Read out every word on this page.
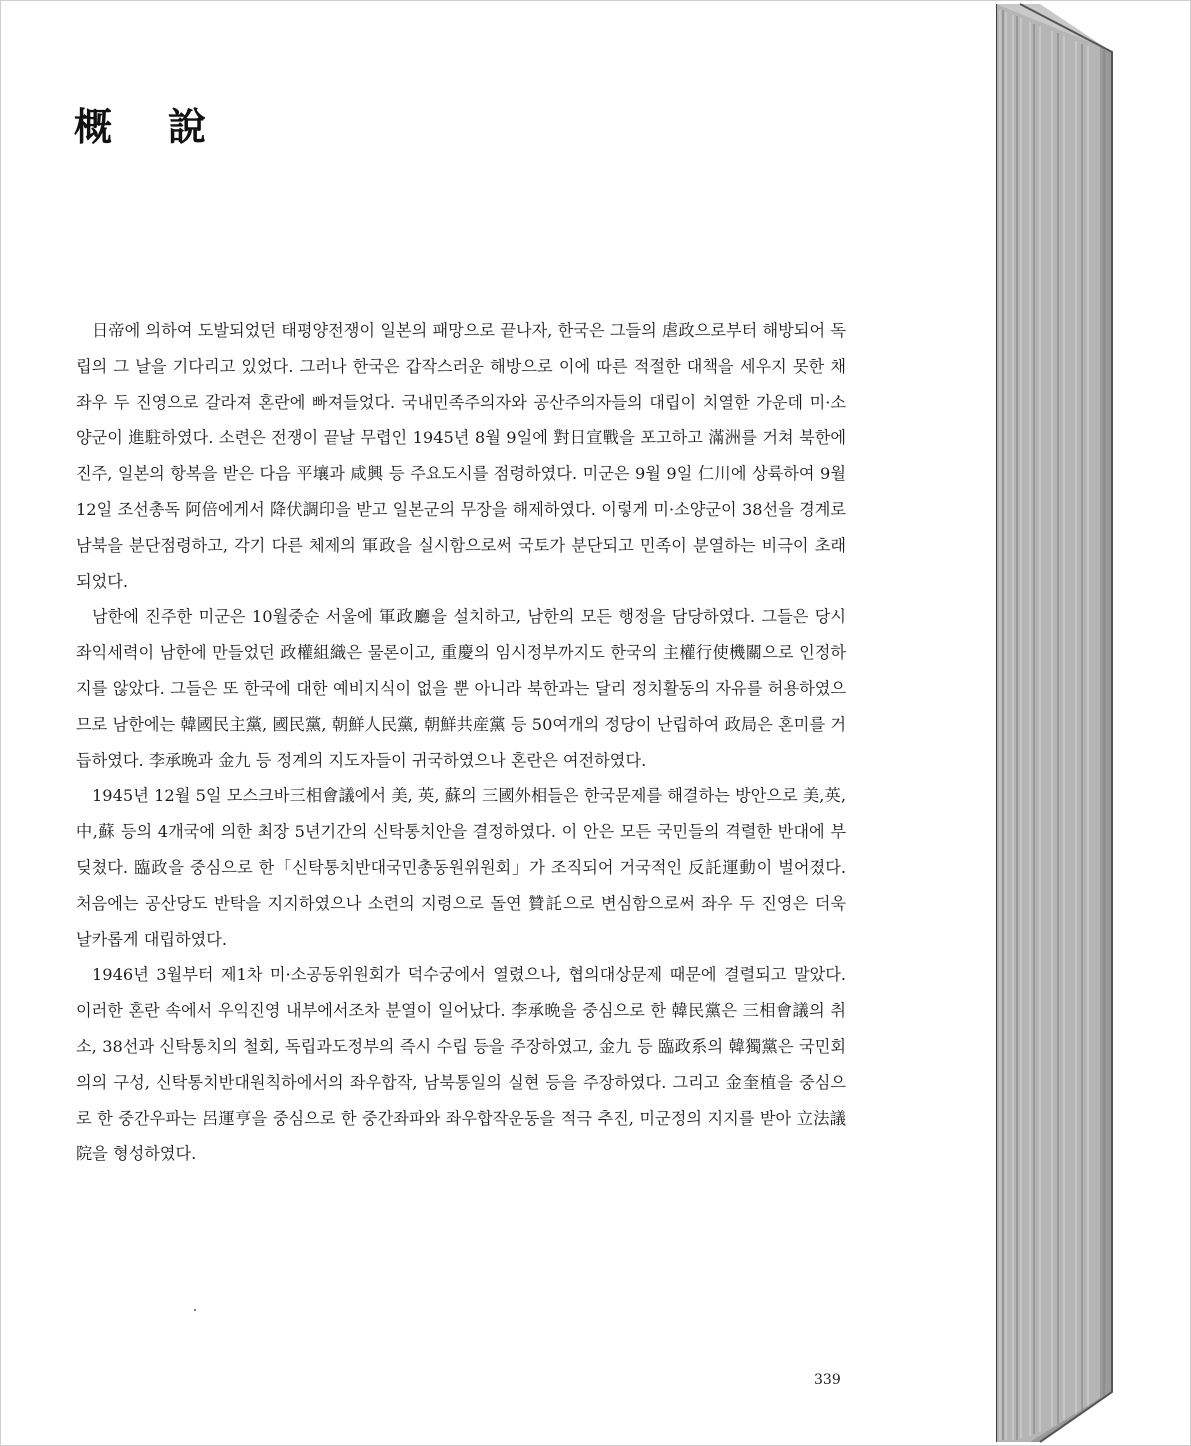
概 說

日帝에 의하여 도발되었던 태평양전쟁이 일본의 패망으로 끝나자, 한국은 그들의 虐政으로부터 해방되어 독립의 그 날을 기다리고 있었다. 그러나 한국은 갑작스러운 해방으로 이에 따른 적절한 대책을 세우지 못한 채 좌우 두 진영으로 갈라져 혼란에 빠져들었다. 국내민족주의자와 공산주의자들의 대립이 치열한 가운데 미·소양군이 進駐하였다. 소련은 전쟁이 끝날 무렵인 1945년 8월 9일에 對日宣戰을 포고하고 滿洲를 거쳐 북한에 진주, 일본의 항복을 받은 다음 平壤과 咸興 등 주요도시를 점령하였다. 미군은 9월 9일 仁川에 상륙하여 9월 12일 조선총독 阿倍에게서 降伏調印을 받고 일본군의 무장을 해제하였다. 이렇게 미·소양군이 38선을 경계로 남북을 분단점령하고, 각기 다른 체제의 軍政을 실시함으로써 국토가 분단되고 민족이 분열하는 비극이 초래되었다.

남한에 진주한 미군은 10월중순 서울에 軍政廳을 설치하고, 남한의 모든 행정을 담당하였다. 그들은 당시 좌익세력이 남한에 만들었던 政權組織은 물론이고, 重慶의 임시정부까지도 한국의 主權行使機關으로 인정하지를 않았다. 그들은 또 한국에 대한 예비지식이 없을 뿐 아니라 북한과는 달리 정치활동의 자유를 허용하였으므로 남한에는 韓國民主黨, 國民黨, 朝鮮人民黨, 朝鮮共産黨 등 50여개의 정당이 난립하여 政局은 혼미를 거듭하였다. 李承晩과 金九 등 정계의 지도자들이 귀국하였으나 혼란은 여전하였다.

1945년 12월 5일 모스크바三相會議에서 美, 英, 蘇의 三國外相들은 한국문제를 해결하는 방안으로 美,英,中,蘇 등의 4개국에 의한 최장 5년기간의 신탁통치안을 결정하였다. 이 안은 모든 국민들의 격렬한 반대에 부딪쳤다. 臨政을 중심으로 한「신탁통치반대국민총동원위원회」가 조직되어 거국적인 反託運動이 벌어졌다. 처음에는 공산당도 반탁을 지지하였으나 소련의 지령으로 돌연 贊託으로 변심함으로써 좌우 두 진영은 더욱 날카롭게 대립하였다.

1946년 3월부터 제1차 미·소공동위원회가 덕수궁에서 열렸으나, 협의대상문제 때문에 결렬되고 말았다. 이러한 혼란 속에서 우익진영 내부에서조차 분열이 일어났다. 李承晩을 중심으로 한 韓民黨은 三相會議의 취소, 38선과 신탁통치의 철회, 독립과도정부의 즉시 수립 등을 주장하였고, 金九 등 臨政系의 韓獨黨은 국민회의의 구성, 신탁통치반대원칙하에서의 좌우합작, 남북통일의 실현 등을 주장하였다. 그리고 金奎植을 중심으로 한 중간우파는 呂運亨을 중심으로 한 중간좌파와 좌우합작운동을 적극 추진, 미군정의 지지를 받아 立法議院을 형성하였다.

339
